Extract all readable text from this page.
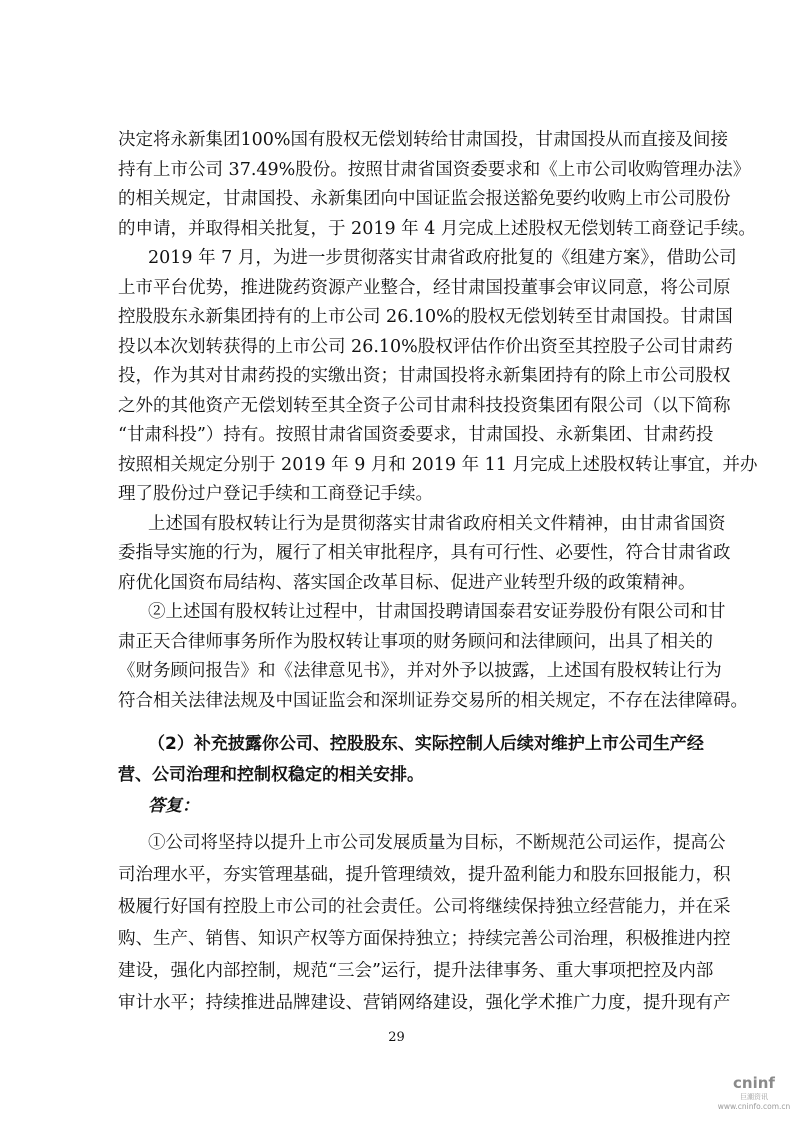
决定将永新集团100%国有股权无偿划转给甘肃国投，甘肃国投从而直接及间接
持有上市公司 37.49%股份。按照甘肃省国资委要求和《上市公司收购管理办法》
的相关规定，甘肃国投、永新集团向中国证监会报送豁免要约收购上市公司股份
的申请，并取得相关批复，于 2019 年 4 月完成上述股权无偿划转工商登记手续。
2019 年 7 月，为进一步贯彻落实甘肃省政府批复的《组建方案》，借助公司
上市平台优势，推进陇药资源产业整合，经甘肃国投董事会审议同意，将公司原
控股股东永新集团持有的上市公司 26.10%的股权无偿划转至甘肃国投。甘肃国
投以本次划转获得的上市公司 26.10%股权评估作价出资至其控股子公司甘肃药
投，作为其对甘肃药投的实缴出资；甘肃国投将永新集团持有的除上市公司股权
之外的其他资产无偿划转至其全资子公司甘肃科技投资集团有限公司（以下简称
“甘肃科投”）持有。按照甘肃省国资委要求，甘肃国投、永新集团、甘肃药投
按照相关规定分别于 2019 年 9 月和 2019 年 11 月完成上述股权转让事宜，并办
理了股份过户登记手续和工商登记手续。
上述国有股权转让行为是贯彻落实甘肃省政府相关文件精神，由甘肃省国资
委指导实施的行为，履行了相关审批程序，具有可行性、必要性，符合甘肃省政
府优化国资布局结构、落实国企改革目标、促进产业转型升级的政策精神。
②上述国有股权转让过程中，甘肃国投聘请国泰君安证券股份有限公司和甘
肃正天合律师事务所作为股权转让事项的财务顾问和法律顾问，出具了相关的
《财务顾问报告》和《法律意见书》，并对外予以披露，上述国有股权转让行为
符合相关法律法规及中国证监会和深圳证券交易所的相关规定，不存在法律障碍。
（2）补充披露你公司、控股股东、实际控制人后续对维护上市公司生产经
营、公司治理和控制权稳定的相关安排。
答复：
①公司将坚持以提升上市公司发展质量为目标，不断规范公司运作，提高公
司治理水平，夯实管理基础，提升管理绩效，提升盈利能力和股东回报能力，积
极履行好国有控股上市公司的社会责任。公司将继续保持独立经营能力，并在采
购、生产、销售、知识产权等方面保持独立；持续完善公司治理，积极推进内控
建设，强化内部控制，规范“三会”运行，提升法律事务、重大事项把控及内部
审计水平；持续推进品牌建设、营销网络建设，强化学术推广力度，提升现有产
29
cninf
巨潮资讯
www.cninfo.com.cn
